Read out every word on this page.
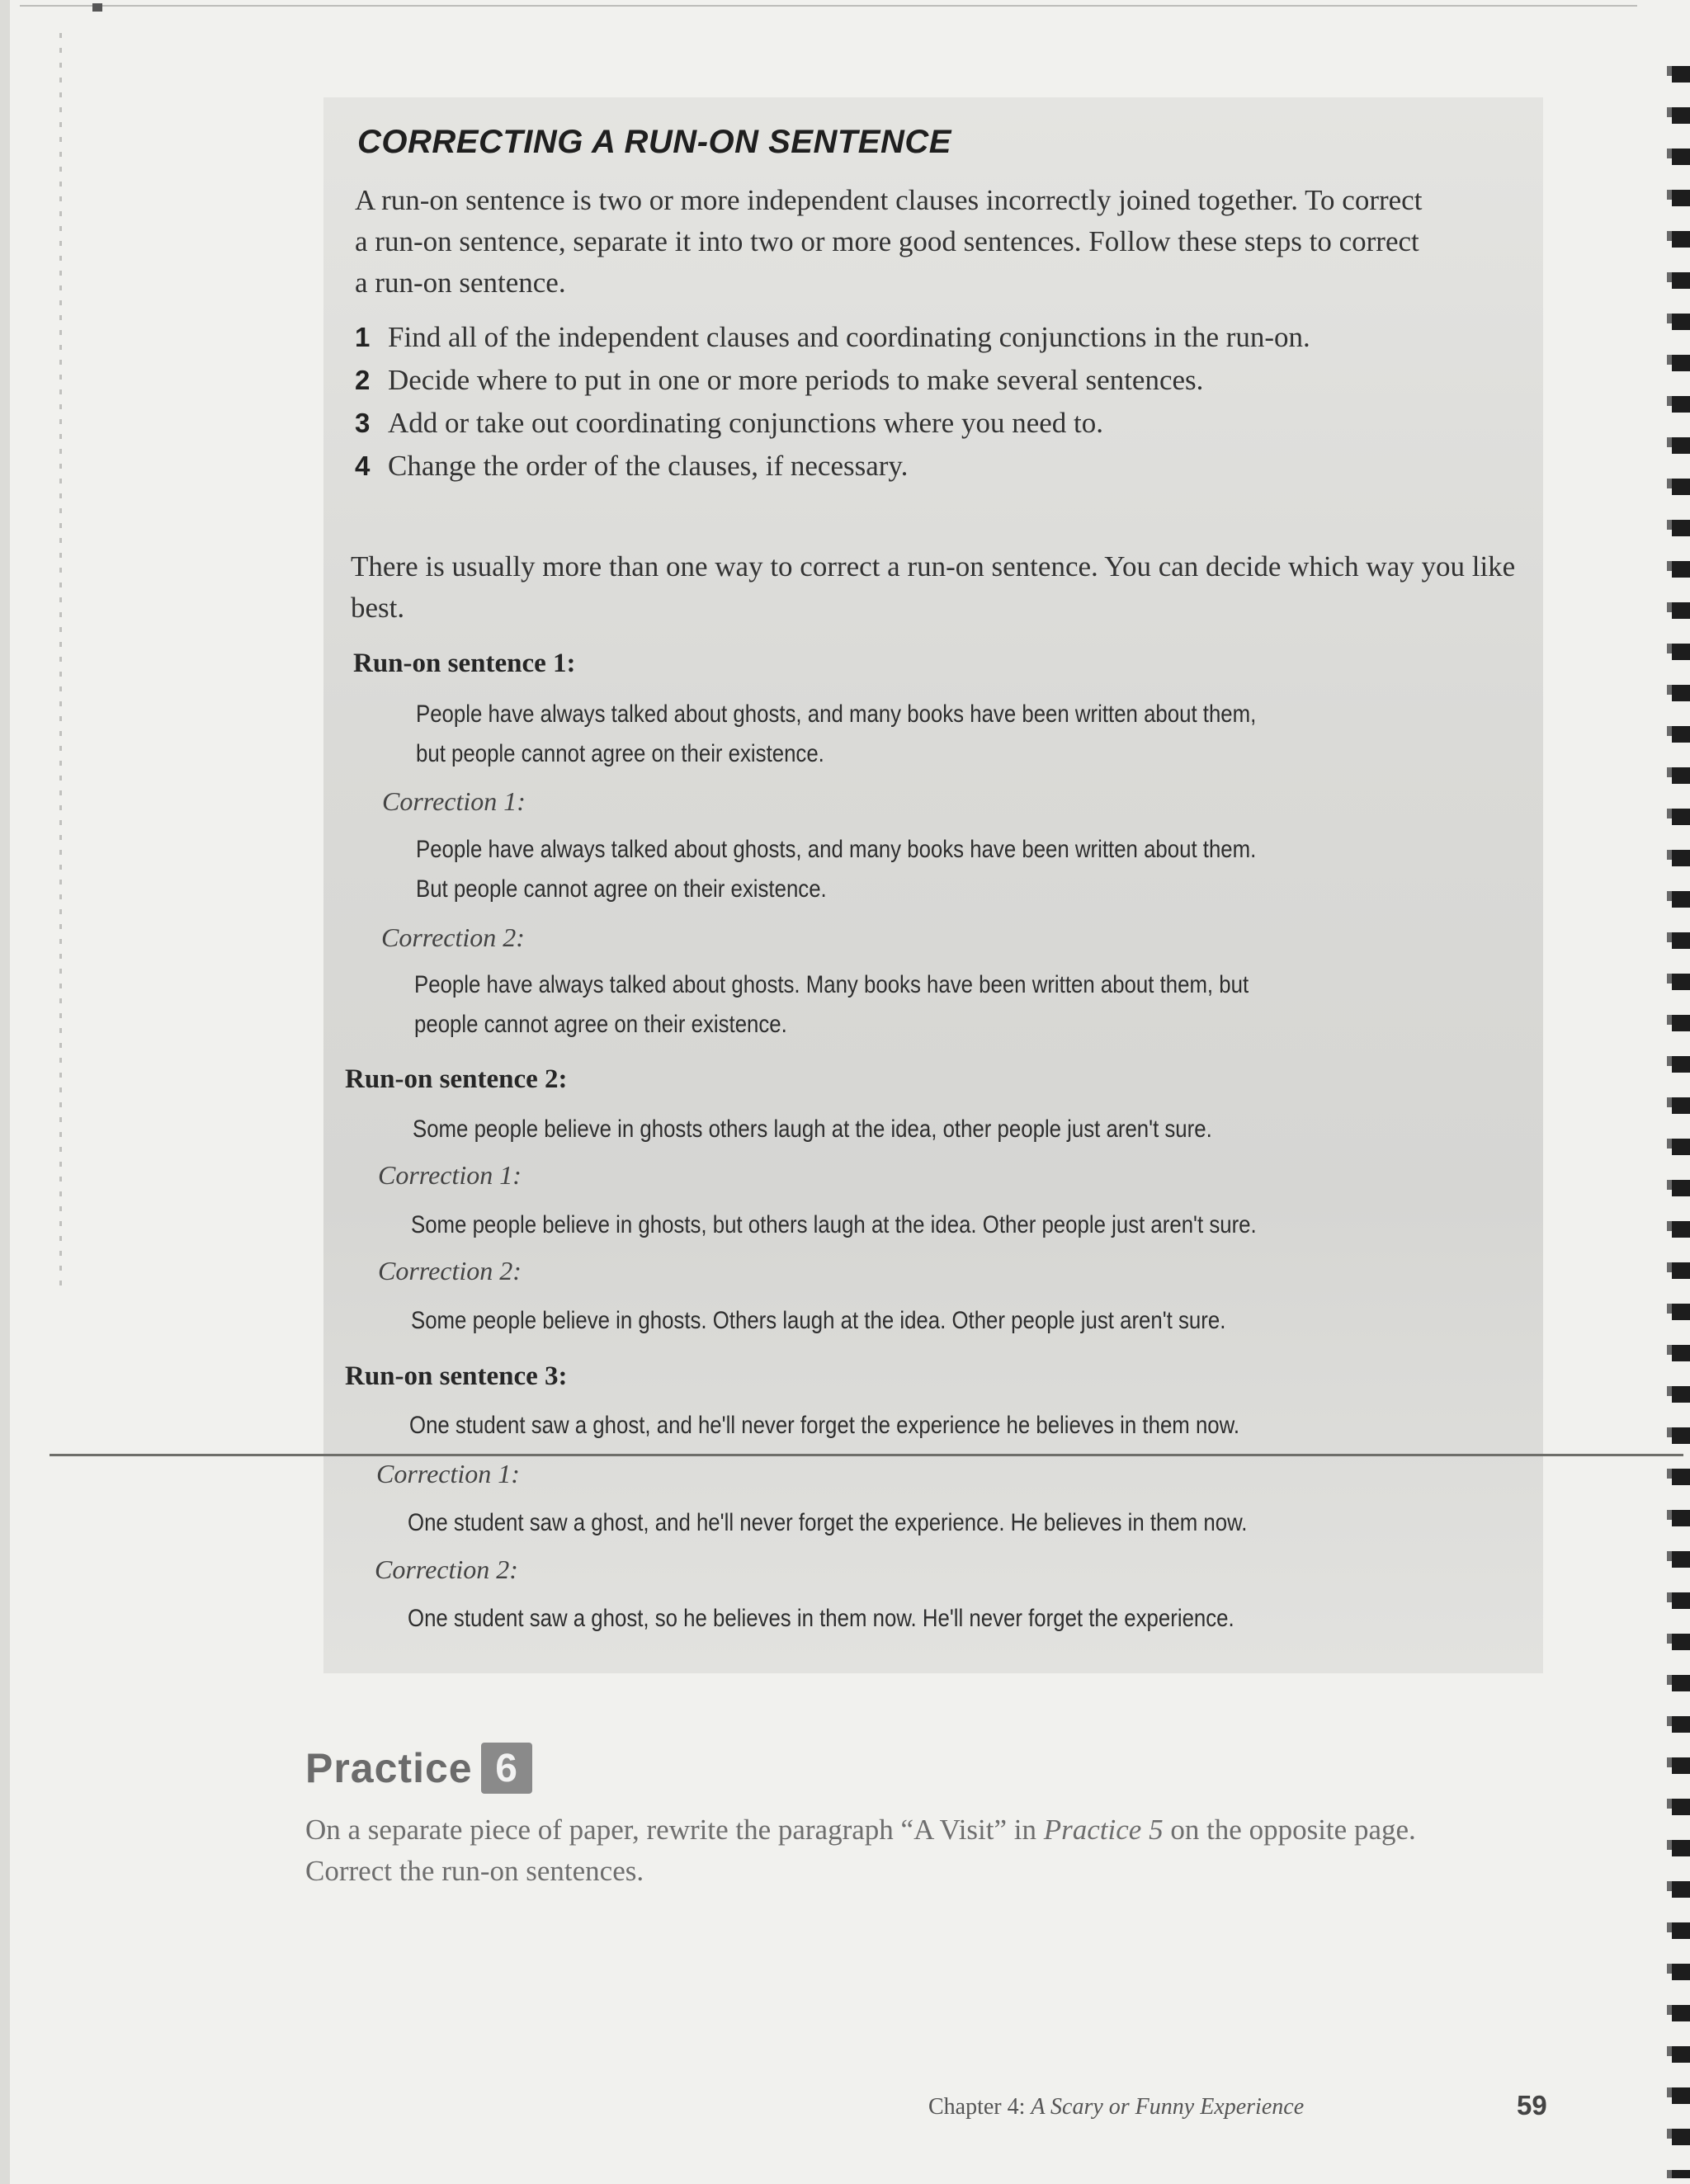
CORRECTING A RUN-ON SENTENCE

A run-on sentence is two or more independent clauses incorrectly joined together. To correct a run-on sentence, separate it into two or more good sentences. Follow these steps to correct a run-on sentence.

1 Find all of the independent clauses and coordinating conjunctions in the run-on.
2 Decide where to put in one or more periods to make several sentences.
3 Add or take out coordinating conjunctions where you need to.
4 Change the order of the clauses, if necessary.

There is usually more than one way to correct a run-on sentence. You can decide which way you like best.

Run-on sentence 1:

People have always talked about ghosts, and many books have been written about them,

but people cannot agree on their existence.

Correction 1:

People have always talked about ghosts, and many books have been written about them.

But people cannot agree on their existence.

Correction 2:

People have always talked about ghosts. Many books have been written about them, but

people cannot agree on their existence.

Run-on sentence 2:

Some people believe in ghosts others laugh at the idea, other people just aren't sure.

Correction 1:

Some people believe in ghosts, but others laugh at the idea. Other people just aren't sure.

Correction 2:

Some people believe in ghosts. Others laugh at the idea. Other people just aren't sure.

Run-on sentence 3:

One student saw a ghost, and he'll never forget the experience he believes in them now.

Correction 1:

One student saw a ghost, and he'll never forget the experience. He believes in them now.

Correction 2:

One student saw a ghost, so he believes in them now. He'll never forget the experience.

Practice 6

On a separate piece of paper, rewrite the paragraph “A Visit” in Practice 5 on the opposite page. Correct the run-on sentences.

Chapter 4: A Scary or Funny Experience	59
